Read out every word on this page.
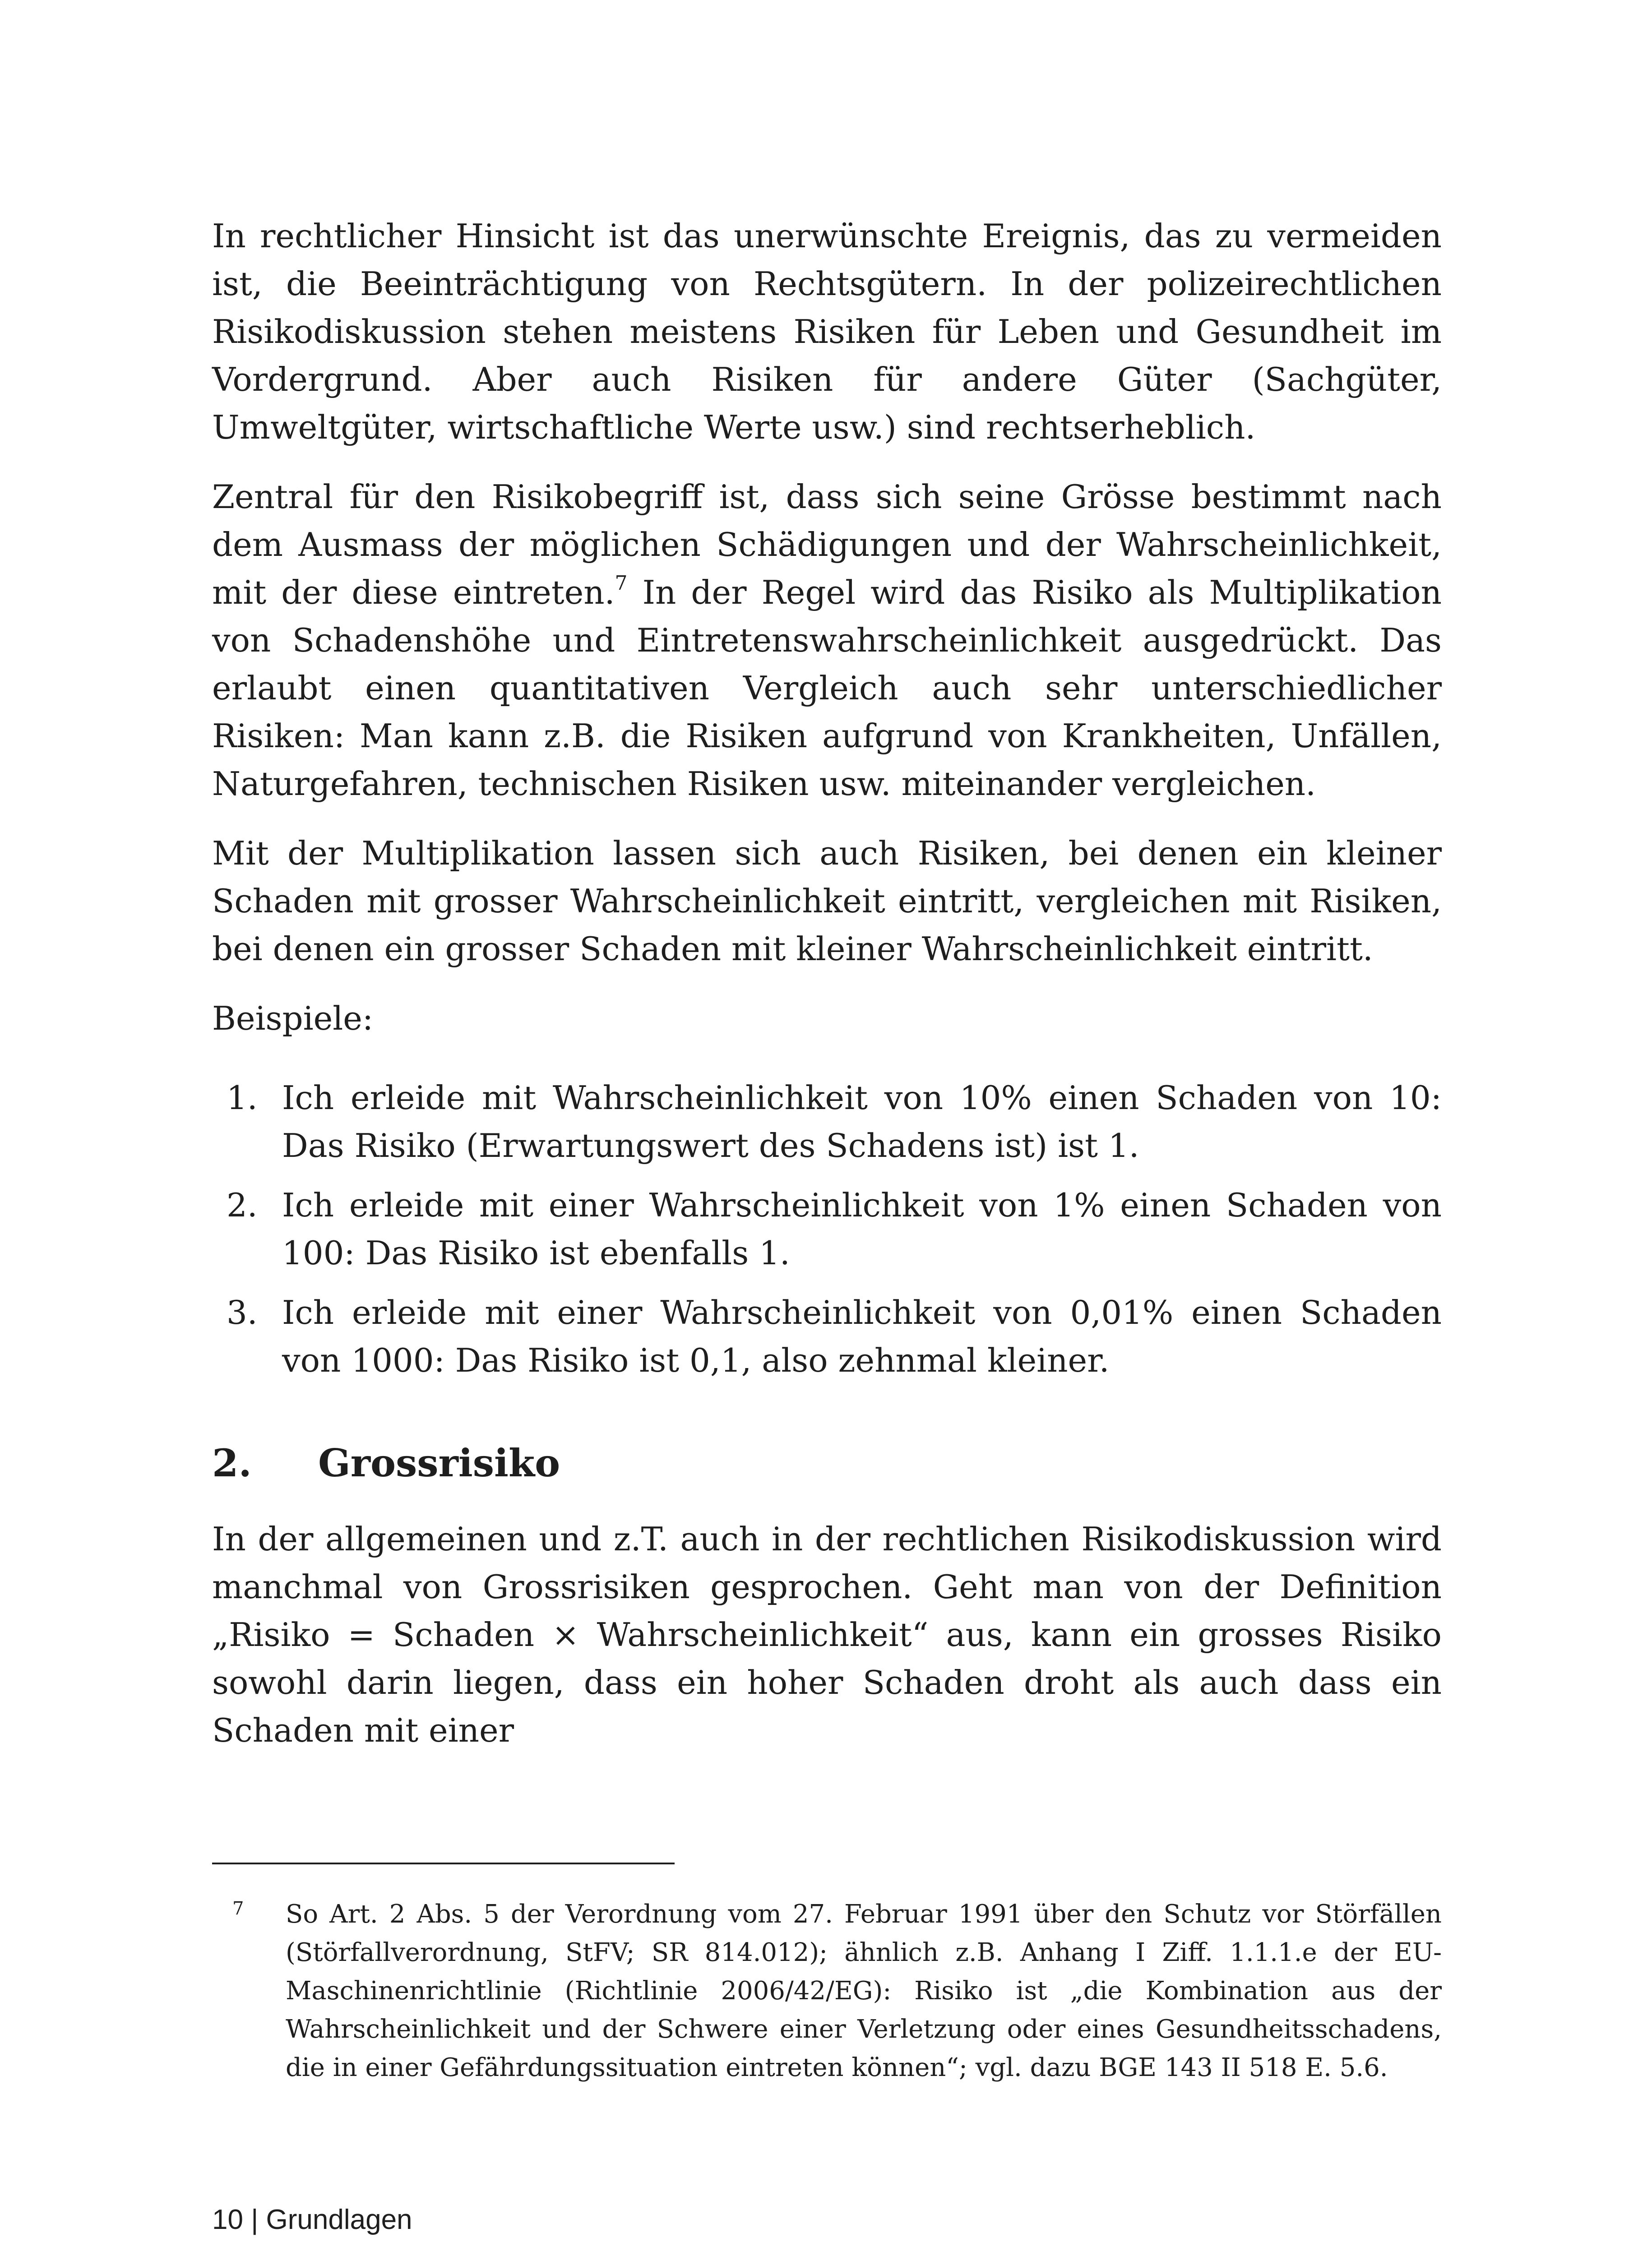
In rechtlicher Hinsicht ist das unerwünschte Ereignis, das zu vermeiden ist, die Beeinträchtigung von Rechtsgütern. In der polizeirechtlichen Risikodiskussion stehen meistens Risiken für Leben und Gesundheit im Vordergrund. Aber auch Risiken für andere Güter (Sachgüter, Umweltgüter, wirtschaftliche Werte usw.) sind rechtserheblich.

Zentral für den Risikobegriff ist, dass sich seine Grösse bestimmt nach dem Ausmass der möglichen Schädigungen und der Wahrscheinlichkeit, mit der diese eintreten.$^7$ In der Regel wird das Risiko als Multiplikation von Schadenshöhe und Eintretenswahrscheinlichkeit ausgedrückt. Das erlaubt einen quantitativen Vergleich auch sehr unterschiedlicher Risiken: Man kann z.B. die Risiken aufgrund von Krankheiten, Unfällen, Naturgefahren, technischen Risiken usw. miteinander vergleichen.

Mit der Multiplikation lassen sich auch Risiken, bei denen ein kleiner Schaden mit grosser Wahrscheinlichkeit eintritt, vergleichen mit Risiken, bei denen ein grosser Schaden mit kleiner Wahrscheinlichkeit eintritt.

Beispiele:

1. Ich erleide mit Wahrscheinlichkeit von 10% einen Schaden von 10: Das Risiko (Erwartungswert des Schadens ist) ist 1.
2. Ich erleide mit einer Wahrscheinlichkeit von 1% einen Schaden von 100: Das Risiko ist ebenfalls 1.
3. Ich erleide mit einer Wahrscheinlichkeit von 0,01% einen Schaden von 1000: Das Risiko ist 0,1, also zehnmal kleiner.
2. Grossrisiko

In der allgemeinen und z.T. auch in der rechtlichen Risikodiskussion wird manchmal von Grossrisiken gesprochen. Geht man von der Definition „Risiko = Schaden × Wahrscheinlichkeit“ aus, kann ein grosses Risiko sowohl darin liegen, dass ein hoher Schaden droht als auch dass ein Schaden mit einer

7 So Art. 2 Abs. 5 der Verordnung vom 27. Februar 1991 über den Schutz vor Störfällen (Störfallverordnung, StFV; SR 814.012); ähnlich z.B. Anhang I Ziff. 1.1.1.e der EU-Maschinenrichtlinie (Richtlinie 2006/42/EG): Risiko ist „die Kombination aus der Wahrscheinlichkeit und der Schwere einer Verletzung oder eines Gesundheitsschadens, die in einer Gefährdungssituation eintreten können“; vgl. dazu BGE 143 II 518 E. 5.6.
10 | Grundlagen
